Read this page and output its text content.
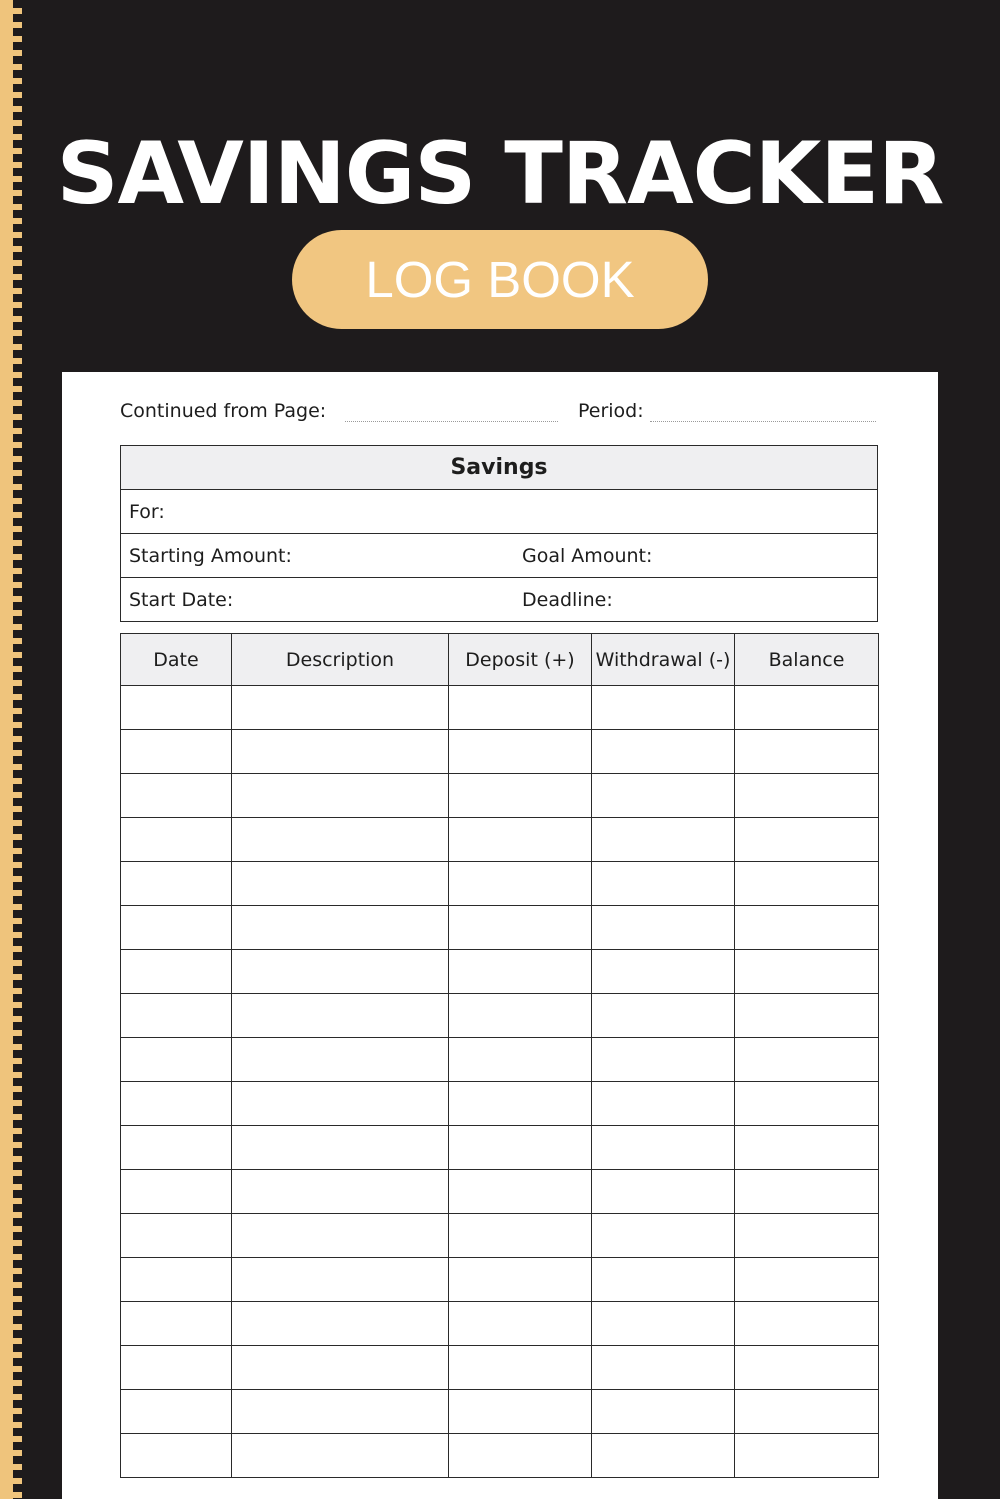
SAVINGS TRACKER
LOG BOOK
Continued from Page:	Period:
Savings
For:
Starting Amount:	Goal Amount:
Start Date:	Deadline:
Date	Description	Deposit (+)	Withdrawal (-)	Balance
